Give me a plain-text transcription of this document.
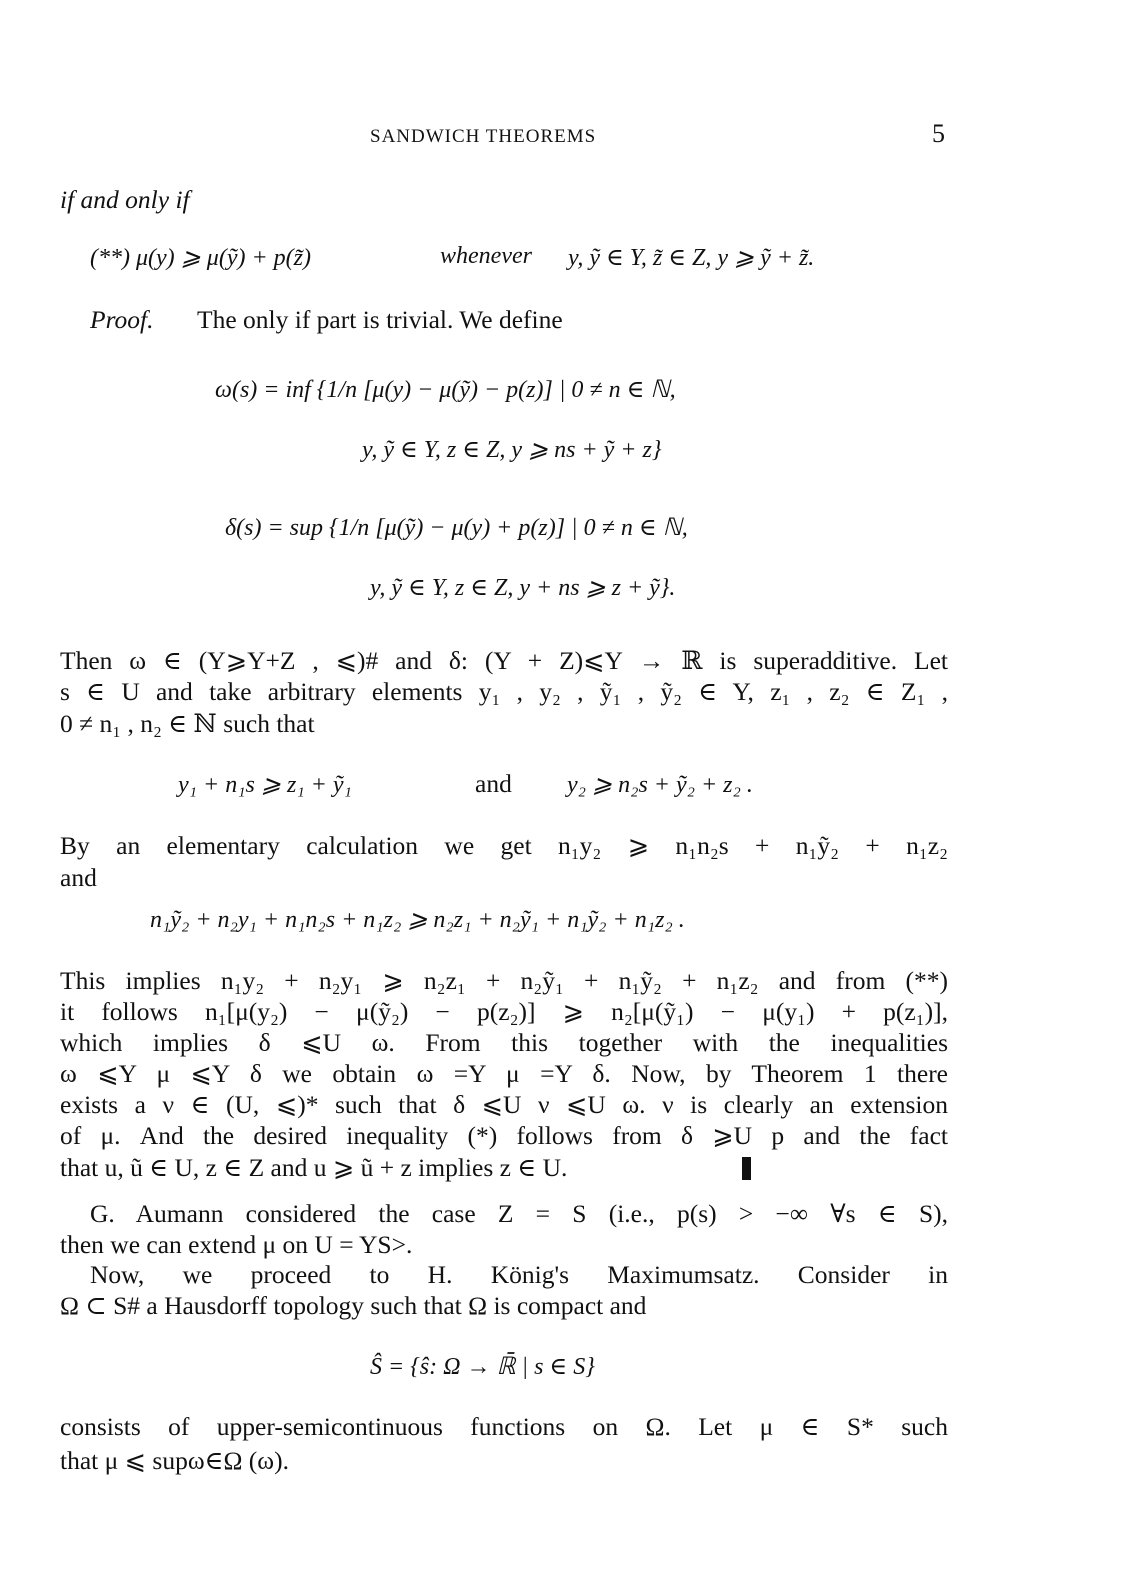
SANDWICH THEOREMS	5
if and only if
(**) μ(y) ⩾ μ(ỹ) + p(z̃)	whenever y, ỹ ∈ Y, z̃ ∈ Z, y ⩾ ỹ + z̃.
Proof. The only if part is trivial. We define
ω(s) = inf {1/n [μ(y) − μ(ỹ) − p(z)] | 0 ≠ n ∈ ℕ,
y, ỹ ∈ Y, z ∈ Z, y ⩾ ns + ỹ + z}
δ(s) = sup {1/n [μ(ỹ) − μ(y) + p(z)] | 0 ≠ n ∈ ℕ,
y, ỹ ∈ Y, z ∈ Z, y + ns ⩾ z + ỹ}.
Then ω ∈ (Y⩾Y+Z , ⩽)# and δ: (Y + Z)⩽Y → ℝ is superadditive. Let
s ∈ U and take arbitrary elements y₁ , y₂ , ỹ₁ , ỹ₂ ∈ Y, z₁ , z₂ ∈ Z₁ ,
0 ≠ n₁ , n₂ ∈ ℕ such that
y₁ + n₁s ⩾ z₁ + ỹ₁	and y₂ ⩾ n₂s + ỹ₂ + z₂ .
By an elementary calculation we get n₁y₂ ⩾ n₁n₂s + n₁ỹ₂ + n₁z₂
and
n₁ỹ₂ + n₂y₁ + n₁n₂s + n₁z₂ ⩾ n₂z₁ + n₂ỹ₁ + n₁ỹ₂ + n₁z₂ .
This implies n₁y₂ + n₂y₁ ⩾ n₂z₁ + n₂ỹ₁ + n₁ỹ₂ + n₁z₂ and from (**)
it follows n₁[μ(y₂) − μ(ỹ₂) − p(z₂)] ⩾ n₂[μ(ỹ₁) − μ(y₁) + p(z₁)],
which implies δ ⩽U ω. From this together with the inequalities
ω ⩽Y μ ⩽Y δ we obtain ω =Y μ =Y δ. Now, by Theorem 1 there
exists a ν ∈ (U, ⩽)* such that δ ⩽U ν ⩽U ω. ν is clearly an extension
of μ. And the desired inequality (*) follows from δ ⩾U p and the fact
that u, ũ ∈ U, z ∈ Z and u ⩾ ũ + z implies z ∈ U.
G. Aumann considered the case Z = S (i.e., p(s) > −∞ ∀s ∈ S),
then we can extend μ on U = YS>.
Now, we proceed to H. König's Maximumsatz. Consider in
Ω ⊂ S# a Hausdorff topology such that Ω is compact and
Ŝ = {ŝ: Ω → ℝ̄ | s ∈ S}
consists of upper-semicontinuous functions on Ω. Let μ ∈ S* such
that μ ⩽ supω∈Ω (ω).
